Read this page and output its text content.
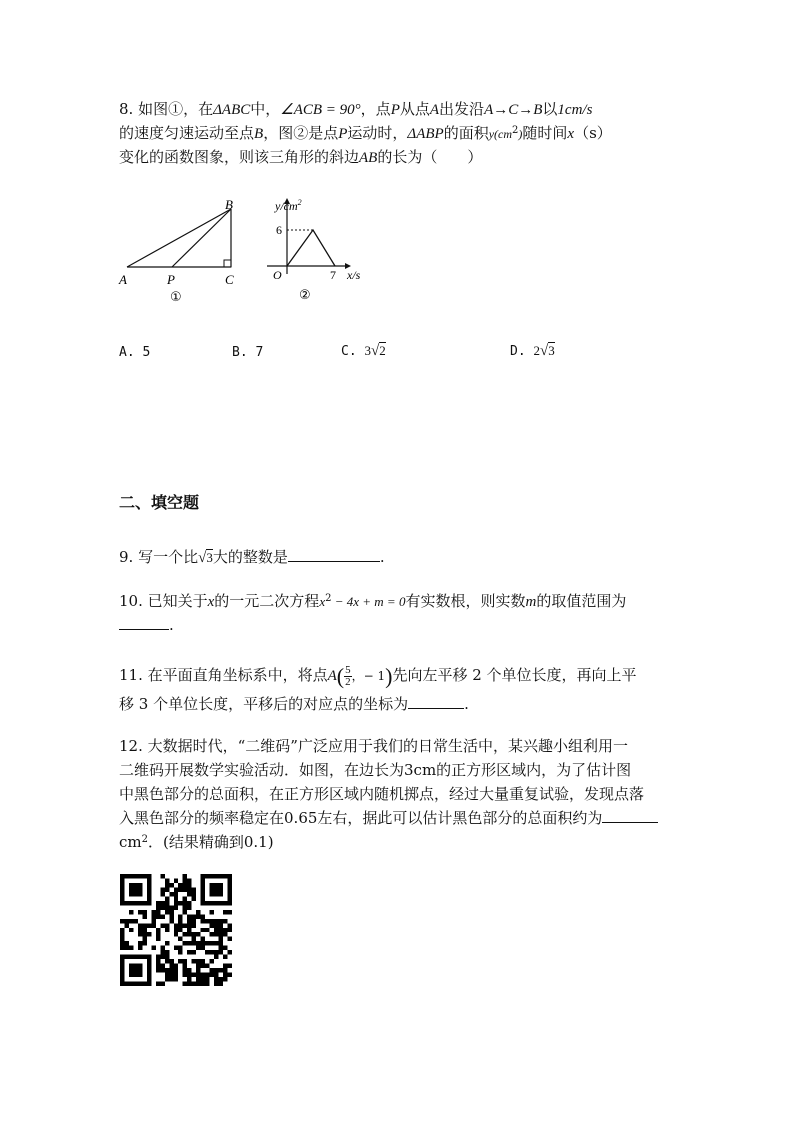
8. 如图①，在ΔABC中，∠ACB = 90°，点P从点A出发沿A→C→B以1cm/s
的速度匀速运动至点B，图②是点P运动时，ΔABP的面积$y(cm^2)$随时间x（s）
变化的函数图象，则该三角形的斜边AB的长为（　　）
A	P	C
B
①
$y/cm^2$
6
O	7 x/s
②
A. 5	B. 7	C. 3√2	D. 2√3
二、填空题
9. 写一个比√3大的整数是	.
10. 已知关于x的一元二次方程$x^2 - 4x + m = 0$有实数根，则实数m的取值范围为
.
11. 在平面直角坐标系中，将点$A( \frac{5}{2}$ ，− 1)先向左平移 2 个单位长度，再向上平
移 3 个单位长度，平移后的对应点的坐标为	.
12. 大数据时代，“二维码”广泛应用于我们的日常生活中，某兴趣小组利用一
二维码开展数学实验活动．如图，在边长为3cm的正方形区域内，为了估计图
中黑色部分的总面积，在正方形区域内随机掷点，经过大量重复试验，发现点落
入黑色部分的频率稳定在0.65左右，据此可以估计黑色部分的总面积约为
$cm^2$．(结果精确到0.1)
